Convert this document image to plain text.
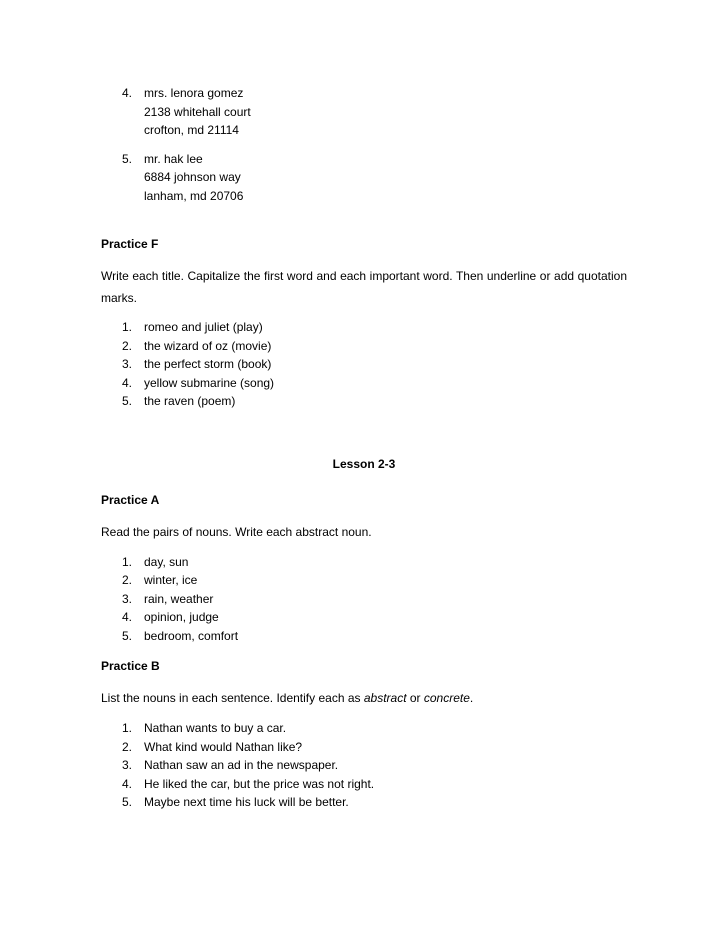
4. mrs. lenora gomez
2138 whitehall court
crofton, md 21114
5. mr. hak lee
6884 johnson way
lanham, md 20706
Practice F
Write each title. Capitalize the first word and each important word. Then underline or add quotation marks.
1. romeo and juliet (play)
2. the wizard of oz (movie)
3. the perfect storm (book)
4. yellow submarine (song)
5. the raven (poem)
Lesson 2-3
Practice A
Read the pairs of nouns. Write each abstract noun.
1. day, sun
2. winter, ice
3. rain, weather
4. opinion, judge
5. bedroom, comfort
Practice B
List the nouns in each sentence. Identify each as abstract or concrete.
1. Nathan wants to buy a car.
2. What kind would Nathan like?
3. Nathan saw an ad in the newspaper.
4. He liked the car, but the price was not right.
5. Maybe next time his luck will be better.
